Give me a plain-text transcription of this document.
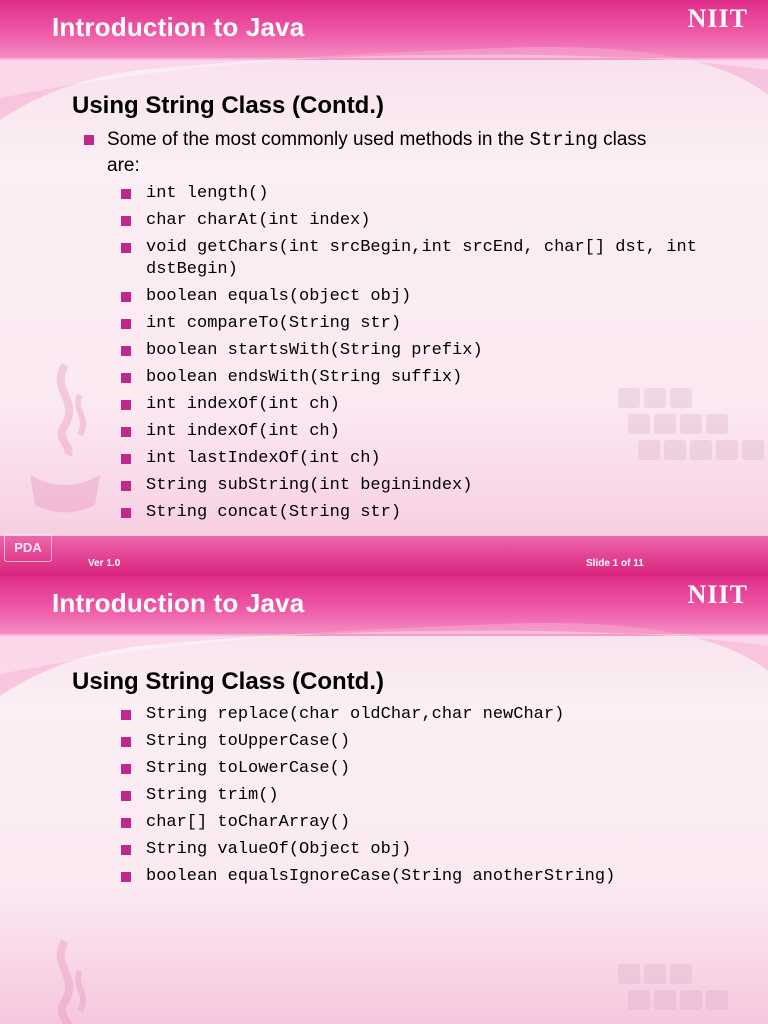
Introduction to Java	NIIT
Using String Class (Contd.)
Some of the most commonly used methods in the String class
are:
int length()
char charAt(int index)
void getChars(int srcBegin,int srcEnd, char[] dst, int dstBegin)
boolean equals(object obj)
int compareTo(String str)
boolean startsWith(String prefix)
boolean endsWith(String suffix)
int indexOf(int ch)
int indexOf(int ch)
int lastIndexOf(int ch)
String subString(int beginindex)
String concat(String str)
PDA
Ver 1.0	Slide 1 of 11
Introduction to Java	NIIT
Using String Class (Contd.)
String replace(char oldChar,char newChar)
String toUpperCase()
String toLowerCase()
String trim()
char[] toCharArray()
String valueOf(Object obj)
boolean equalsIgnoreCase(String anotherString)
